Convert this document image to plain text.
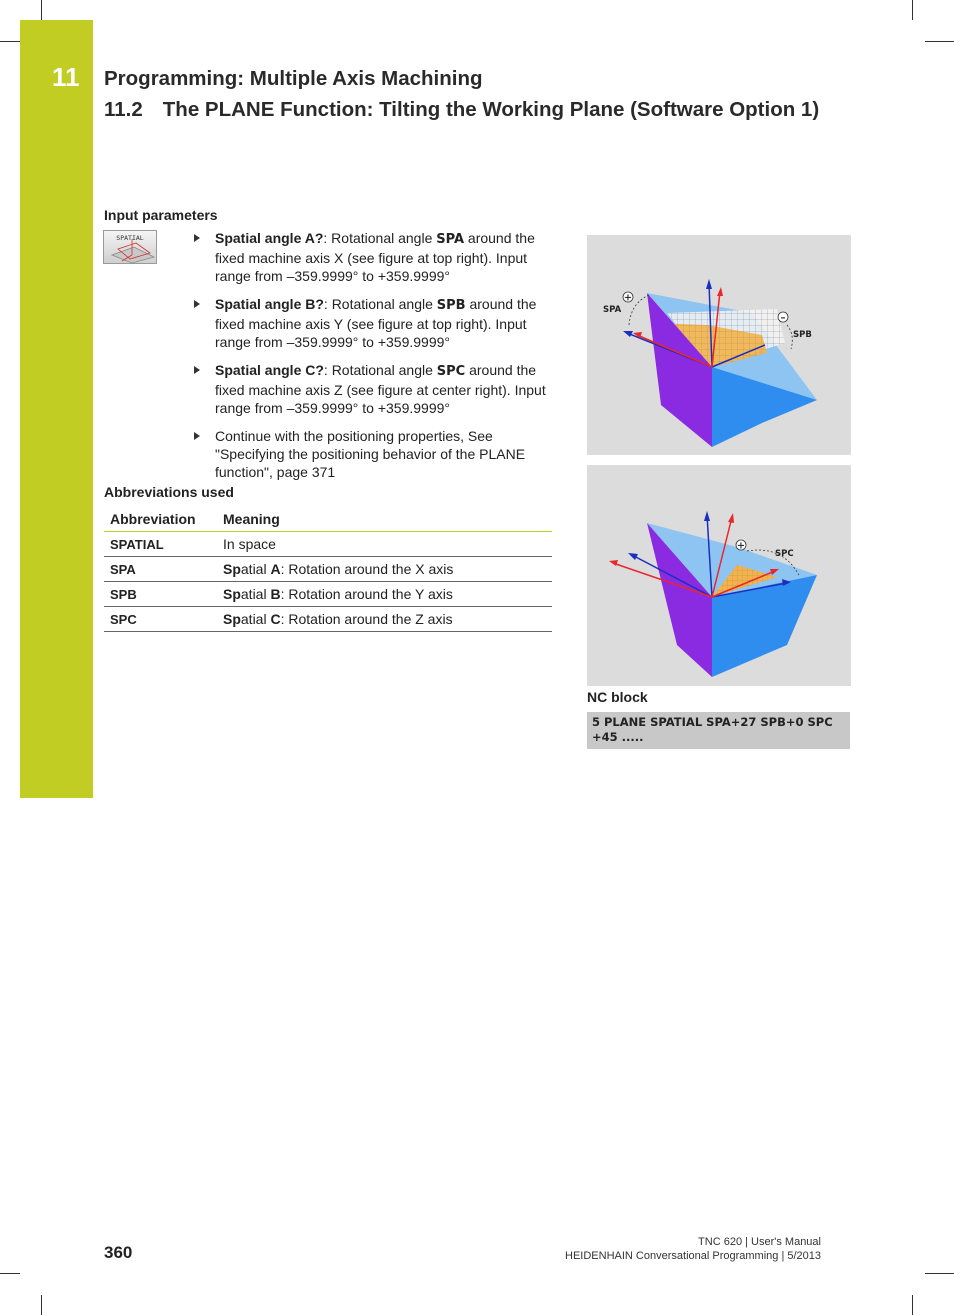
11 Programming: Multiple Axis Machining
11.2 The PLANE Function: Tilting the Working Plane (Software Option 1)
Input parameters
SPATIAL	Spatial angle A?: Rotational angle SPA around the fixed machine axis X (see figure at top right). Input range from –359.9999° to +359.9999°
Spatial angle B?: Rotational angle SPB around the fixed machine axis Y (see figure at top right). Input range from –359.9999° to +359.9999°
Spatial angle C?: Rotational angle SPC around the fixed machine axis Z (see figure at center right). Input range from –359.9999° to +359.9999°
Continue with the positioning properties, See "Specifying the positioning behavior of the PLANE function", page 371
Abbreviations used
Abbreviation	Meaning
SPATIAL	In space
SPA	Spatial A: Rotation around the X axis
SPB	Spatial B: Rotation around the Y axis
SPC	Spatial C: Rotation around the Z axis
+
–
SPA
SPB
+
SPC
NC block
5 PLANE SPATIAL SPA+27 SPB+0 SPC
+45 .....
360
TNC 620 | User's Manual
HEIDENHAIN Conversational Programming | 5/2013
